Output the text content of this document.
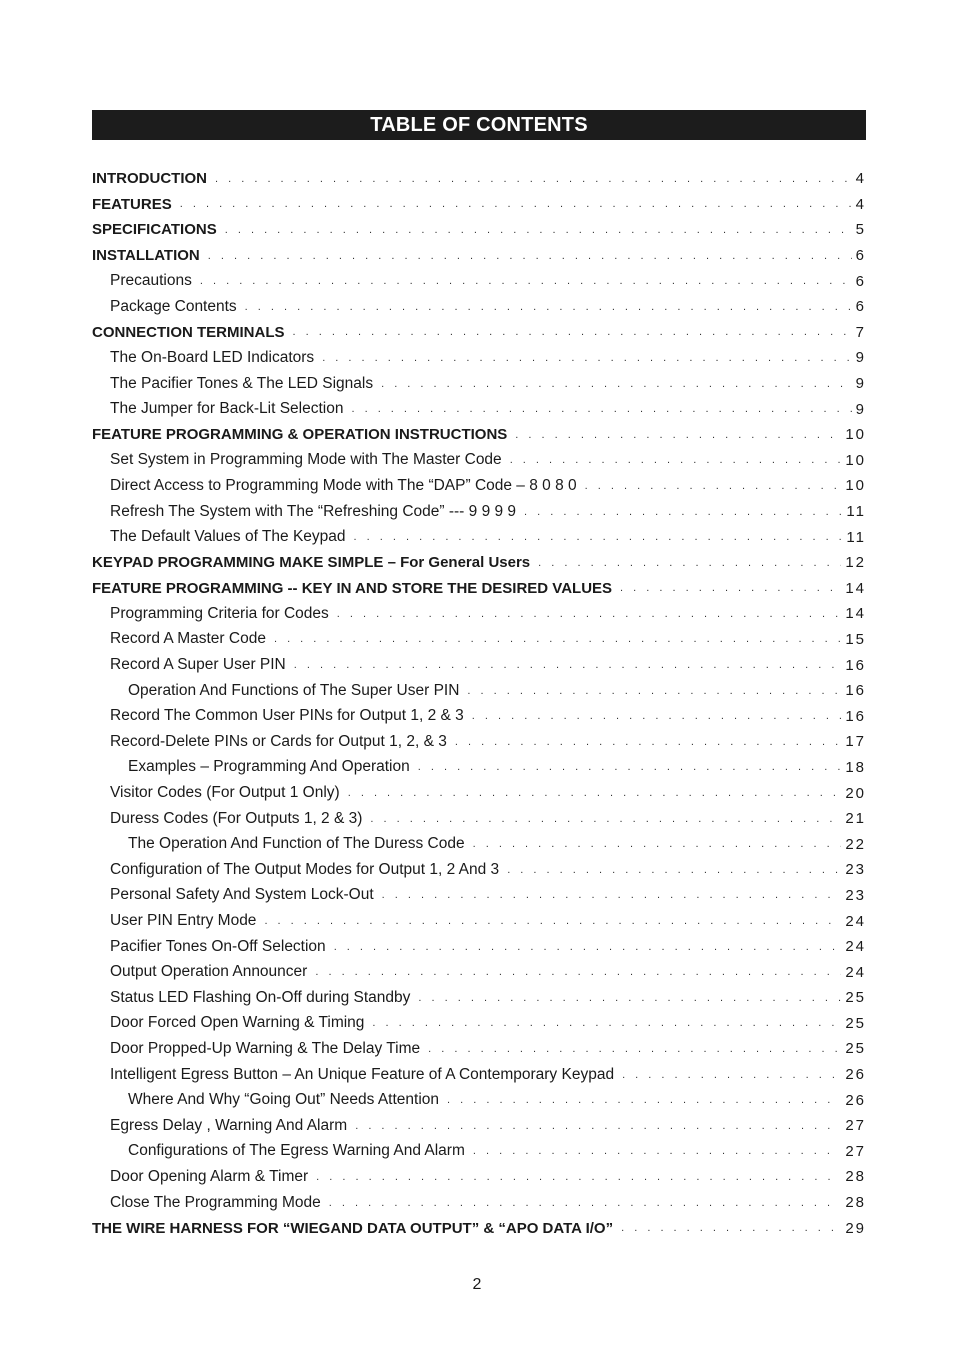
TABLE OF CONTENTS
INTRODUCTION . . .	4
FEATURES . . .	4
SPECIFICATIONS . . .	5
INSTALLATION . . .	6
Precautions . . .	6
Package Contents . . .	6
CONNECTION TERMINALS . . .	7
The On-Board LED Indicators . . .	9
The Pacifier Tones & The LED Signals . . .	9
The Jumper for Back-Lit Selection . . .	9
FEATURE PROGRAMMING & OPERATION INSTRUCTIONS . . .	10
Set System in Programming Mode with The Master Code . . .	10
Direct Access to Programming Mode with The “DAP” Code – 8 0 8 0 . . .	10
Refresh The System with The “Refreshing Code” --- 9 9 9 9 . . .	11
The Default Values of The Keypad . . .	11
KEYPAD PROGRAMMING MAKE SIMPLE – For General Users . . .	12
FEATURE PROGRAMMING -- KEY IN AND STORE THE DESIRED VALUES . . .	14
Programming Criteria for Codes . . .	14
Record A Master Code . . .	15
Record A Super User PIN . . .	16
Operation And Functions of The Super User PIN . . .	16
Record The Common User PINs for Output 1, 2 & 3 . . .	16
Record-Delete PINs or Cards for Output 1, 2, & 3 . . .	17
Examples – Programming And Operation . . .	18
Visitor Codes (For Output 1 Only) . . .	20
Duress Codes (For Outputs 1, 2 & 3) . . .	21
The Operation And Function of The Duress Code . . .	22
Configuration of The Output Modes for Output 1, 2 And 3 . . .	23
Personal Safety And System Lock-Out . . .	23
User PIN Entry Mode . . .	24
Pacifier Tones On-Off Selection . . .	24
Output Operation Announcer . . .	24
Status LED Flashing On-Off during Standby . . .	25
Door Forced Open Warning & Timing . . .	25
Door Propped-Up Warning & The Delay Time . . .	25
Intelligent Egress Button – An Unique Feature of A Contemporary Keypad . . .	26
Where And Why “Going Out” Needs Attention . . .	26
Egress Delay , Warning And Alarm . . .	27
Configurations of The Egress Warning And Alarm . . .	27
Door Opening Alarm & Timer . . .	28
Close The Programming Mode . . .	28
THE WIRE HARNESS FOR “WIEGAND DATA OUTPUT” & “APO DATA I/O” . . .	29
2
